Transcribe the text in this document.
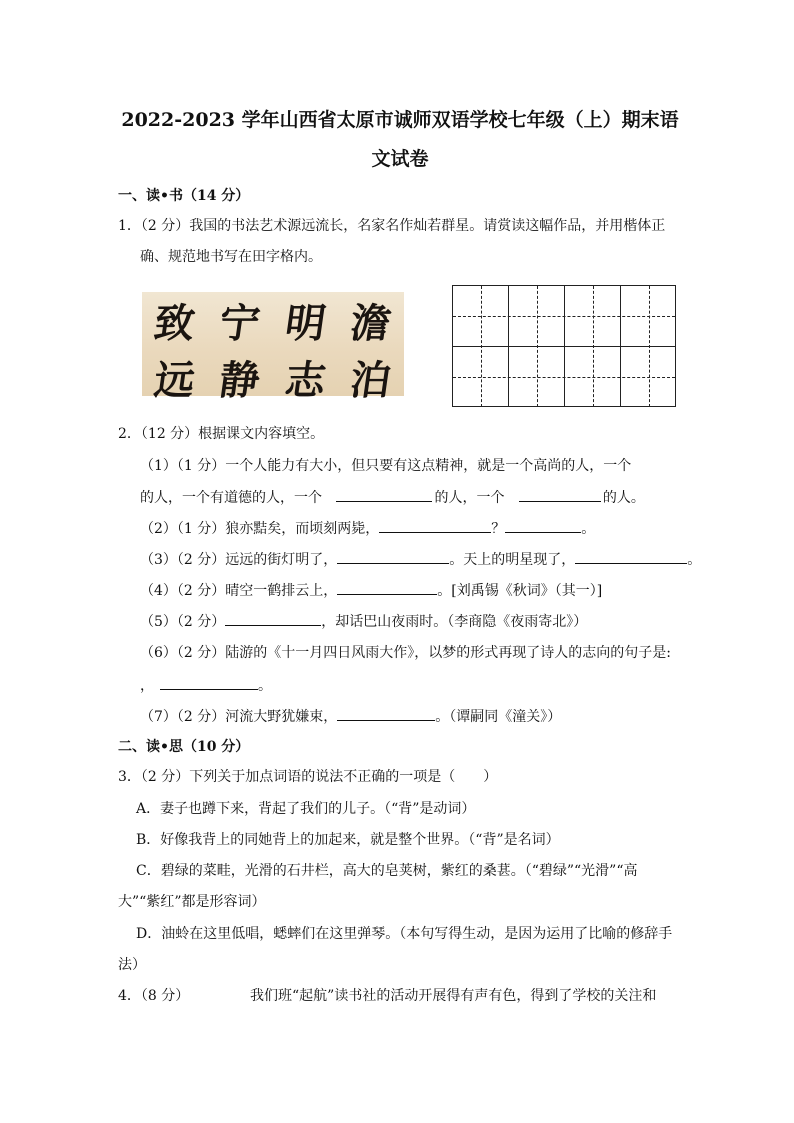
2022-2023 学年山西省太原市诚师双语学校七年级（上）期末语
文试卷
一、读•书（14 分）
1．（2 分）我国的书法艺术源远流长，名家名作灿若群星。请赏读这幅作品，并用楷体正
确、规范地书写在田字格内。
致 宁 明 澹
远 静 志 泊
2．（12 分）根据课文内容填空。
（1）（1 分）一个人能力有大小，但只要有这点精神，就是一个高尚的人，一个
的人，一个有道德的人，一个	的人，一个	的人。
（2）（1 分）狼亦黠矣，而顷刻两毙，	？	。
（3）（2 分）远远的街灯明了，	。天上的明星现了，	。
（4）（2 分）晴空一鹤排云上，	。[刘禹锡《秋词》（其一）]
（5）（2 分）	，却话巴山夜雨时。（李商隐《夜雨寄北》）
（6）（2 分）陆游的《十一月四日风雨大作》，以梦的形式再现了诗人的志向的句子是:
，	。
（7）（2 分）河流大野犹嫌束，	。（谭嗣同《潼关》）
二、读•思（10 分）
3．（2 分）下列关于加点词语的说法不正确的一项是（　　）
A．妻子也蹲下来，背起了我们的儿子。（“背”是动词）
B．好像我背上的同她背上的加起来，就是整个世界。（“背”是名词）
C．碧绿的菜畦，光滑的石井栏，高大的皂荚树，紫红的桑葚。（“碧绿”“光滑”“高
大”“紫红”都是形容词）
D．油蛉在这里低唱，蟋蟀们在这里弹琴。（本句写得生动，是因为运用了比喻的修辞手
法）
4．（8 分）	我们班“起航”读书社的活动开展得有声有色，得到了学校的关注和
